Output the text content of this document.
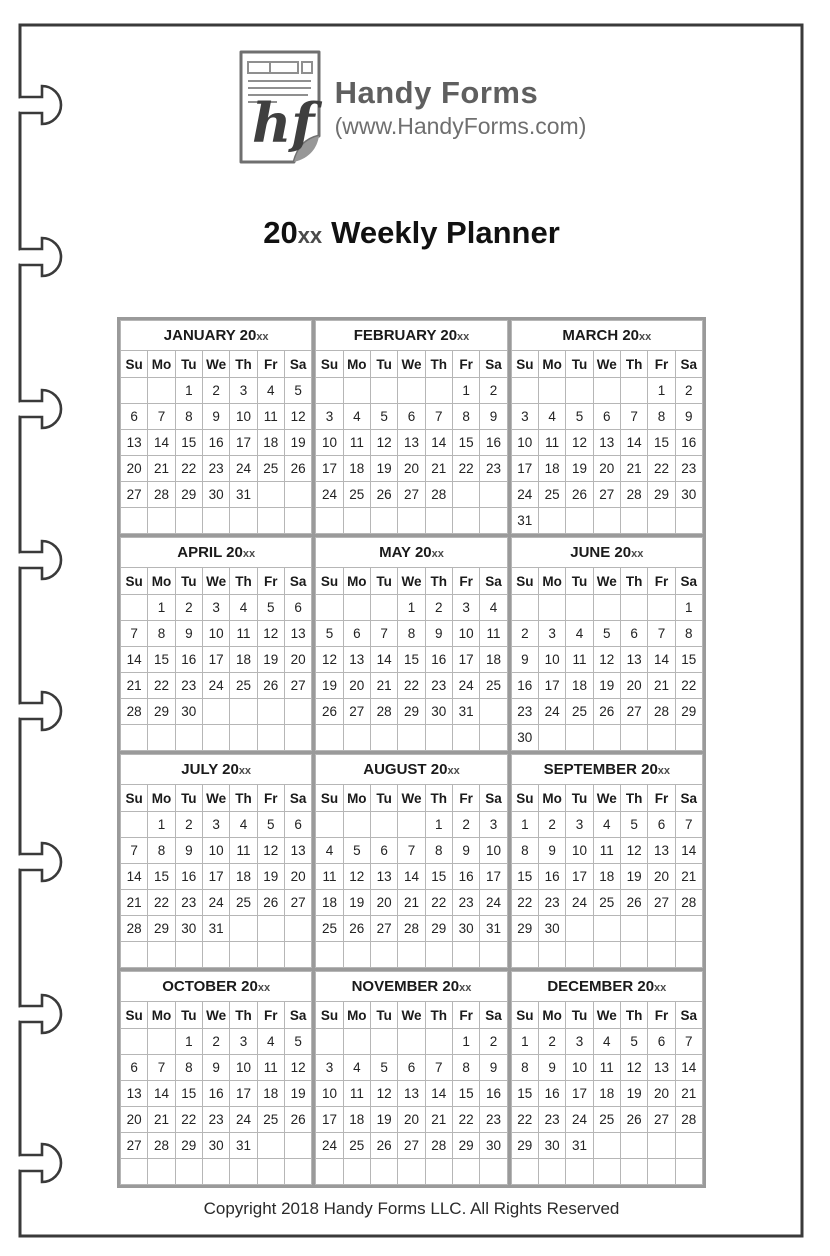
hf Handy Forms
(www.HandyForms.com)
20xx Weekly Planner
JANUARY 20xx						
Su	Mo	Tu	We	Th	Fr	Sa
		1	2	3	4	5
6	7	8	9	10	11	12
13	14	15	16	17	18	19
20	21	22	23	24	25	26
27	28	29	30	31		

FEBRUARY 20xx						
Su	Mo	Tu	We	Th	Fr	Sa
					1	2
3	4	5	6	7	8	9
10	11	12	13	14	15	16
17	18	19	20	21	22	23
24	25	26	27	28		

MARCH 20xx						
Su	Mo	Tu	We	Th	Fr	Sa
					1	2
3	4	5	6	7	8	9
10	11	12	13	14	15	16
17	18	19	20	21	22	23
24	25	26	27	28	29	30
31						
APRIL 20xx						
Su	Mo	Tu	We	Th	Fr	Sa
	1	2	3	4	5	6
7	8	9	10	11	12	13
14	15	16	17	18	19	20
21	22	23	24	25	26	27
28	29	30				

MAY 20xx						
Su	Mo	Tu	We	Th	Fr	Sa
			1	2	3	4
5	6	7	8	9	10	11
12	13	14	15	16	17	18
19	20	21	22	23	24	25
26	27	28	29	30	31	

JUNE 20xx						
Su	Mo	Tu	We	Th	Fr	Sa
						1
2	3	4	5	6	7	8
9	10	11	12	13	14	15
16	17	18	19	20	21	22
23	24	25	26	27	28	29
30						
JULY 20xx						
Su	Mo	Tu	We	Th	Fr	Sa
	1	2	3	4	5	6
7	8	9	10	11	12	13
14	15	16	17	18	19	20
21	22	23	24	25	26	27
28	29	30	31			

AUGUST 20xx						
Su	Mo	Tu	We	Th	Fr	Sa
				1	2	3
4	5	6	7	8	9	10
11	12	13	14	15	16	17
18	19	20	21	22	23	24
25	26	27	28	29	30	31

SEPTEMBER 20xx						
Su	Mo	Tu	We	Th	Fr	Sa
1	2	3	4	5	6	7
8	9	10	11	12	13	14
15	16	17	18	19	20	21
22	23	24	25	26	27	28
29	30					

OCTOBER 20xx						
Su	Mo	Tu	We	Th	Fr	Sa
		1	2	3	4	5
6	7	8	9	10	11	12
13	14	15	16	17	18	19
20	21	22	23	24	25	26
27	28	29	30	31		

NOVEMBER 20xx						
Su	Mo	Tu	We	Th	Fr	Sa
					1	2
3	4	5	6	7	8	9
10	11	12	13	14	15	16
17	18	19	20	21	22	23
24	25	26	27	28	29	30

DECEMBER 20xx						
Su	Mo	Tu	We	Th	Fr	Sa
1	2	3	4	5	6	7
8	9	10	11	12	13	14
15	16	17	18	19	20	21
22	23	24	25	26	27	28
29	30	31				

Copyright 2018 Handy Forms LLC. All Rights Reserved
